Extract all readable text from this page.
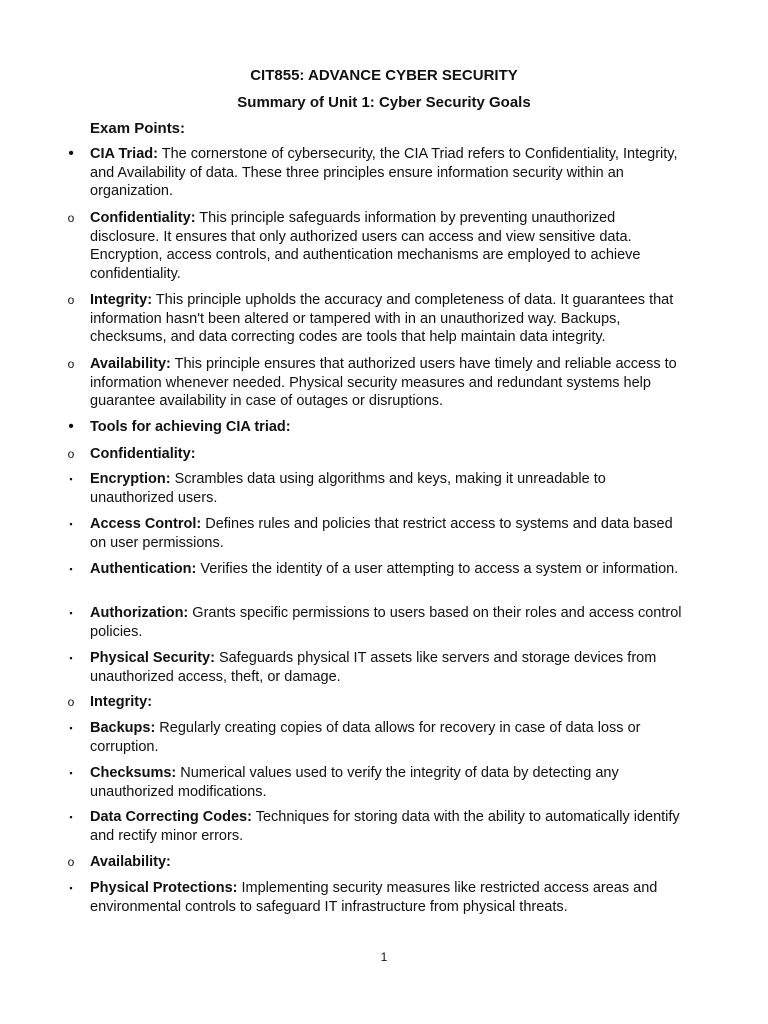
CIT855: ADVANCE CYBER SECURITY
Summary of Unit 1: Cyber Security Goals
Exam Points:
• CIA Triad: The cornerstone of cybersecurity, the CIA Triad refers to Confidentiality, Integrity, and Availability of data. These three principles ensure information security within an organization.
o Confidentiality: This principle safeguards information by preventing unauthorized disclosure. It ensures that only authorized users can access and view sensitive data. Encryption, access controls, and authentication mechanisms are employed to achieve confidentiality.
o Integrity: This principle upholds the accuracy and completeness of data. It guarantees that information hasn't been altered or tampered with in an unauthorized way. Backups, checksums, and data correcting codes are tools that help maintain data integrity.
o Availability: This principle ensures that authorized users have timely and reliable access to information whenever needed. Physical security measures and redundant systems help guarantee availability in case of outages or disruptions.
• Tools for achieving CIA triad:
o Confidentiality:
▪ Encryption: Scrambles data using algorithms and keys, making it unreadable to unauthorized users.
▪ Access Control: Defines rules and policies that restrict access to systems and data based on user permissions.
▪ Authentication: Verifies the identity of a user attempting to access a system or information.
▪ Authorization: Grants specific permissions to users based on their roles and access control policies.
▪ Physical Security: Safeguards physical IT assets like servers and storage devices from unauthorized access, theft, or damage.
o Integrity:
▪ Backups: Regularly creating copies of data allows for recovery in case of data loss or corruption.
▪ Checksums: Numerical values used to verify the integrity of data by detecting any unauthorized modifications.
▪ Data Correcting Codes: Techniques for storing data with the ability to automatically identify and rectify minor errors.
o Availability:
▪ Physical Protections: Implementing security measures like restricted access areas and environmental controls to safeguard IT infrastructure from physical threats.
1
